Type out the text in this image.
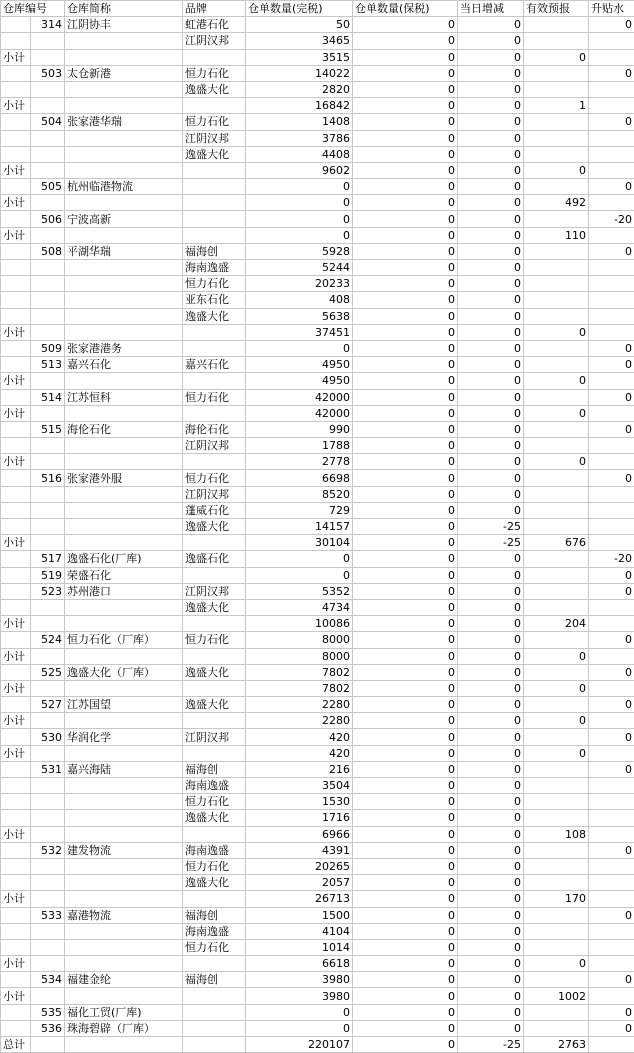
仓库编号		仓库简称	品牌	仓单数量(完税)	仓单数量(保税)	当日增减	有效预报	升贴水
	314	江阴协丰	虹港石化	50	0	0		0
			江阴汉邦	3465	0	0		
小计				3515	0	0	0	
	503	太仓新港	恒力石化	14022	0	0		0
			逸盛大化	2820	0	0		
小计				16842	0	0	1	
	504	张家港华瑞	恒力石化	1408	0	0		0
			江阴汉邦	3786	0	0		
			逸盛大化	4408	0	0		
小计				9602	0	0	0	
	505	杭州临港物流		0	0	0		0
小计				0	0	0	492	
	506	宁波高新		0	0	0		-20
小计				0	0	0	110	
	508	平湖华瑞	福海创	5928	0	0		0
			海南逸盛	5244	0	0		
			恒力石化	20233	0	0		
			亚东石化	408	0	0		
			逸盛大化	5638	0	0		
小计				37451	0	0	0	
	509	张家港港务		0	0	0		0
	513	嘉兴石化	嘉兴石化	4950	0	0		0
小计				4950	0	0	0	
	514	江苏恒科	恒力石化	42000	0	0		0
小计				42000	0	0	0	
	515	海伦石化	海伦石化	990	0	0		0
			江阴汉邦	1788	0	0		
小计				2778	0	0	0	
	516	张家港外服	恒力石化	6698	0	0		0
			江阴汉邦	8520	0	0		
			蓬威石化	729	0	0		
			逸盛大化	14157	0	-25		
小计				30104	0	-25	676	
	517	逸盛石化(厂库)	逸盛石化	0	0	0		-20
	519	荣盛石化		0	0	0		0
	523	苏州港口	江阴汉邦	5352	0	0		0
			逸盛大化	4734	0	0		
小计				10086	0	0	204	
	524	恒力石化（厂库）	恒力石化	8000	0	0		0
小计				8000	0	0	0	
	525	逸盛大化（厂库）	逸盛大化	7802	0	0		0
小计				7802	0	0	0	
	527	江苏国望	逸盛大化	2280	0	0		0
小计				2280	0	0	0	
	530	华润化学	江阴汉邦	420	0	0		0
小计				420	0	0	0	
	531	嘉兴海陆	福海创	216	0	0		0
			海南逸盛	3504	0	0		
			恒力石化	1530	0	0		
			逸盛大化	1716	0	0		
小计				6966	0	0	108	
	532	建发物流	海南逸盛	4391	0	0		0
			恒力石化	20265	0	0		
			逸盛大化	2057	0	0		
小计				26713	0	0	170	
	533	嘉港物流	福海创	1500	0	0		0
			海南逸盛	4104	0	0		
			恒力石化	1014	0	0		
小计				6618	0	0	0	
	534	福建金纶	福海创	3980	0	0		0
小计				3980	0	0	1002	
	535	福化工贸(厂库)		0	0	0		0
	536	珠海碧辟（厂库）		0	0	0		0
总计				220107	0	-25	2763	
